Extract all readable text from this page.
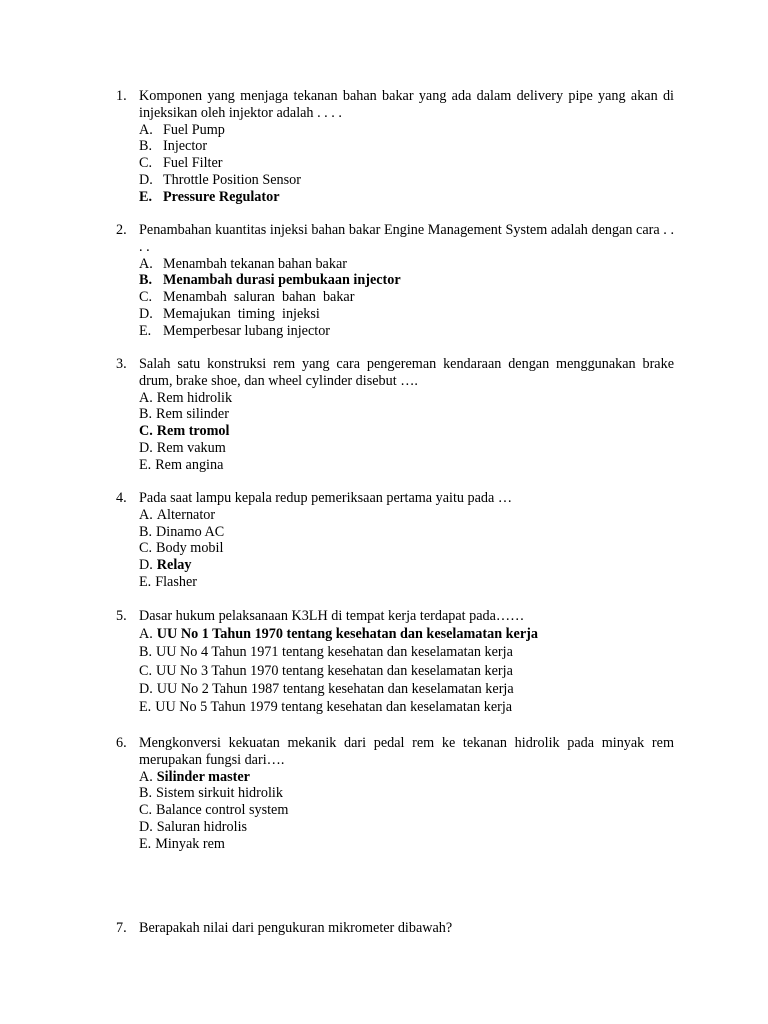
1. Komponen yang menjaga tekanan bahan bakar yang ada dalam delivery pipe yang akan di injeksikan oleh injektor adalah . . . .
A. Fuel Pump
B. Injector
C. Fuel Filter
D. Throttle Position Sensor
E. Pressure Regulator
2. Penambahan kuantitas injeksi bahan bakar Engine Management System adalah dengan cara . . . .
A. Menambah tekanan bahan bakar
B. Menambah durasi pembukaan injector
C. Menambah  saluran  bahan  bakar
D. Memajukan  timing  injeksi
E. Memperbesar lubang injector
3. Salah satu konstruksi rem yang cara pengereman kendaraan dengan menggunakan brake drum, brake shoe, dan wheel cylinder disebut ….
A. Rem hidrolik
B. Rem silinder
C. Rem tromol
D. Rem vakum
E. Rem angina
4. Pada saat lampu kepala redup pemeriksaan pertama yaitu pada …
A. Alternator
B. Dinamo AC
C. Body mobil
D. Relay
E. Flasher
5. Dasar hukum pelaksanaan K3LH di tempat kerja terdapat pada……
A. UU No 1 Tahun 1970 tentang kesehatan dan keselamatan kerja
B. UU No 4 Tahun 1971 tentang kesehatan dan keselamatan kerja
C. UU No 3 Tahun 1970 tentang kesehatan dan keselamatan kerja
D. UU No 2 Tahun 1987 tentang kesehatan dan keselamatan kerja
E. UU No 5 Tahun 1979 tentang kesehatan dan keselamatan kerja
6. Mengkonversi kekuatan mekanik dari pedal rem ke tekanan hidrolik pada minyak rem merupakan fungsi dari….
A. Silinder master
B. Sistem sirkuit hidrolik
C. Balance control system
D. Saluran hidrolis
E. Minyak rem
7. Berapakah nilai dari pengukuran mikrometer dibawah?
